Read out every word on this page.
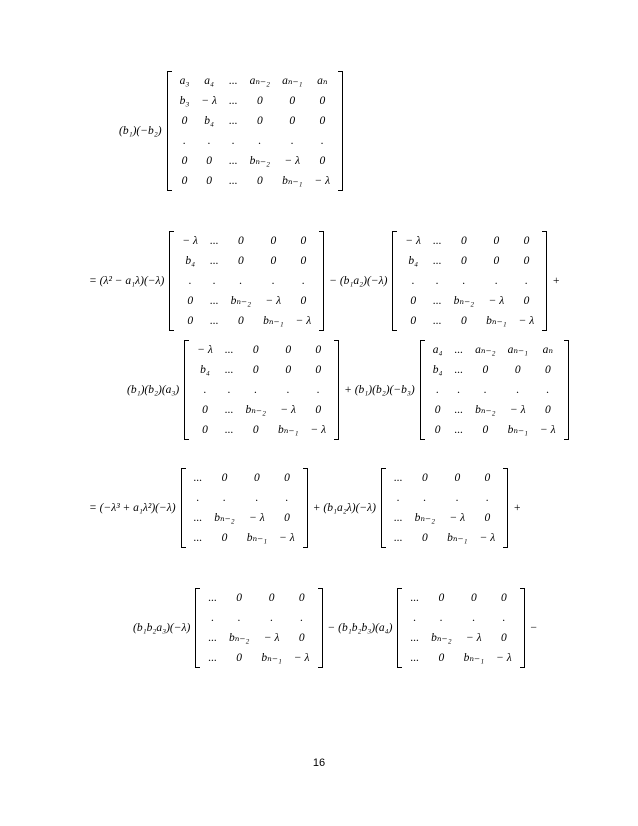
(b₁)(−b₂)
a₃	a₄	...	aₙ₋₂	aₙ₋₁	aₙ
b₃	− λ	...	0	0	0
0	b₄	...	0	0	0
.	.	.	.	.	.
0	0	...	bₙ₋₂	− λ	0
0	0	...	0	bₙ₋₁	− λ
= (λ² − a₁λ)(−λ)
− λ	...	0	0	0
b₄	...	0	0	0
.	.	.	.	.
0	...	bₙ₋₂	− λ	0
0	...	0	bₙ₋₁	− λ
− (b₁a₂)(−λ)
− λ	...	0	0	0
b₄	...	0	0	0
.	.	.	.	.
0	...	bₙ₋₂	− λ	0
0	...	0	bₙ₋₁	− λ
+
(b₁)(b₂)(a₃)
− λ	...	0	0	0
b₄	...	0	0	0
.	.	.	.	.
0	...	bₙ₋₂	− λ	0
0	...	0	bₙ₋₁	− λ
+ (b₁)(b₂)(−b₃)
a₄	...	aₙ₋₂	aₙ₋₁	aₙ
b₄	...	0	0	0
.	.	.	.	.
0	...	bₙ₋₂	− λ	0
0	...	0	bₙ₋₁	− λ
= (−λ³ + a₁λ²)(−λ)
...	0	0	0
.	.	.	.
...	bₙ₋₂	− λ	0
...	0	bₙ₋₁	− λ
+ (b₁a₂λ)(−λ)
...	0	0	0
.	.	.	.
...	bₙ₋₂	− λ	0
...	0	bₙ₋₁	− λ
+
(b₁b₂a₃)(−λ)
...	0	0	0
.	.	.	.
...	bₙ₋₂	− λ	0
...	0	bₙ₋₁	− λ
− (b₁b₂b₃)(a₄)
...	0	0	0
.	.	.	.
...	bₙ₋₂	− λ	0
...	0	bₙ₋₁	− λ
−
16
